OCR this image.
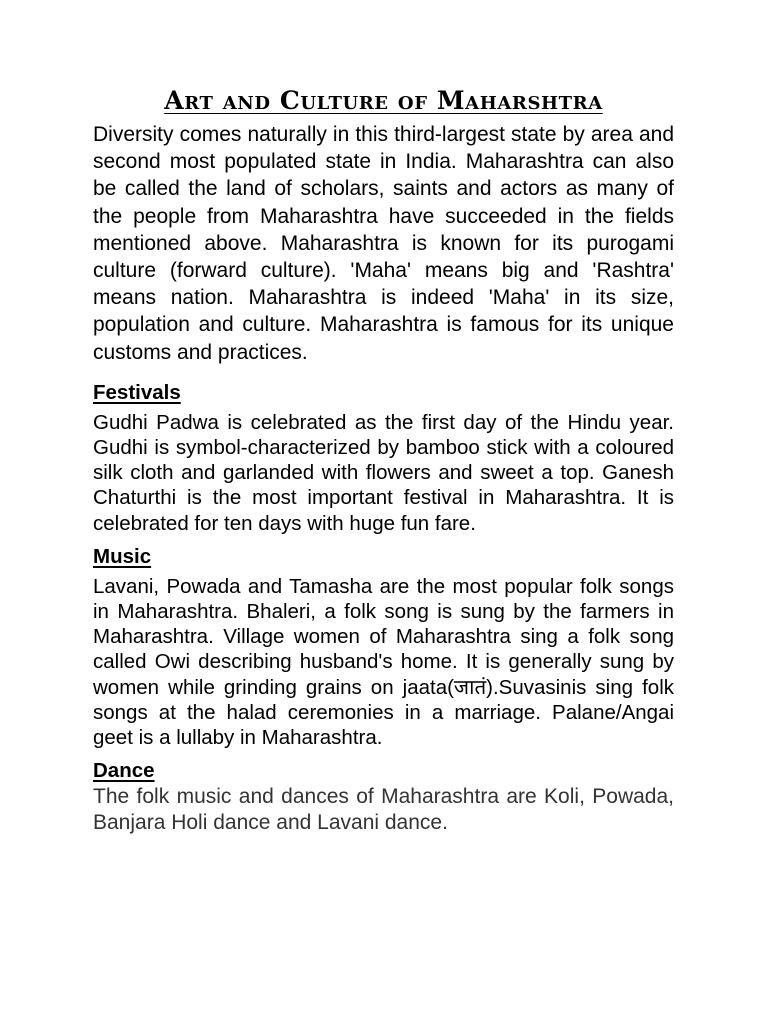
Art and Culture of Maharshtra

Diversity comes naturally in this third-largest state by area and second most populated state in India. Maharashtra can also be called the land of scholars, saints and actors as many of the people from Maharashtra have succeeded in the fields mentioned above. Maharashtra is known for its purogami culture (forward culture). 'Maha' means big and 'Rashtra' means nation. Maharashtra is indeed 'Maha' in its size, population and culture. Maharashtra is famous for its unique customs and practices.

Festivals

Gudhi Padwa is celebrated as the first day of the Hindu year. Gudhi is symbol-characterized by bamboo stick with a coloured silk cloth and garlanded with flowers and sweet a top. Ganesh Chaturthi is the most important festival in Maharashtra. It is celebrated for ten days with huge fun fare.

Music

Lavani, Powada and Tamasha are the most popular folk songs in Maharashtra. Bhaleri, a folk song is sung by the farmers in Maharashtra. Village women of Maharashtra sing a folk song called Owi describing husband's home. It is generally sung by women while grinding grains on jaata(जातं).Suvasinis sing folk songs at the halad ceremonies in a marriage. Palane/Angai geet is a lullaby in Maharashtra.

Dance

The folk music and dances of Maharashtra are Koli, Powada, Banjara Holi dance and Lavani dance.
